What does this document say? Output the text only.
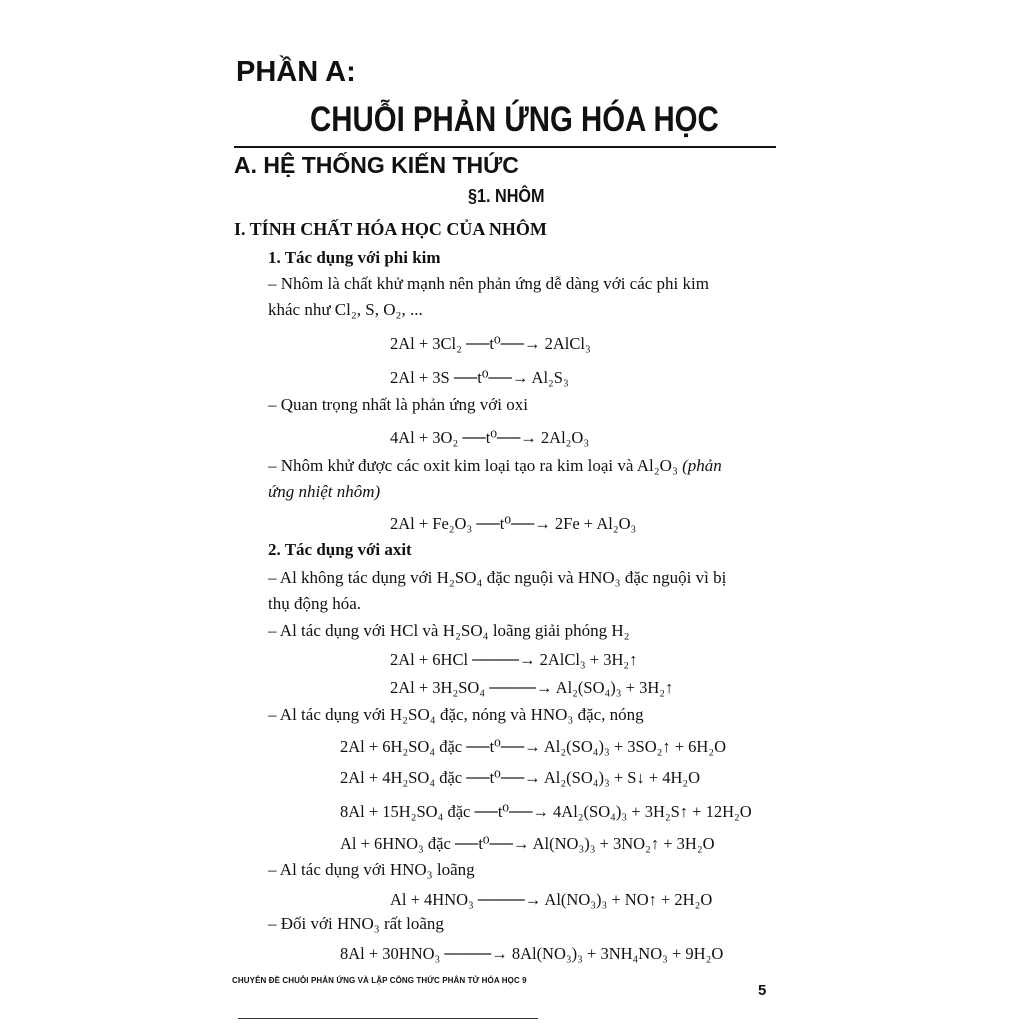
PHẦN A:
CHUỖI PHẢN ỨNG HÓA HỌC
A. HỆ THỐNG KIẾN THỨC
§1. NHÔM
I. TÍNH CHẤT HÓA HỌC CỦA NHÔM
1. Tác dụng với phi kim
– Nhôm là chất khử mạnh nên phản ứng dễ dàng với các phi kim
khác như Cl₂, S, O₂, ...
2Al + 3Cl₂ ──t⁰──→ 2AlCl₃
2Al + 3S ──t⁰──→ Al₂S₃
– Quan trọng nhất là phản ứng với oxi
4Al + 3O₂ ──t⁰──→ 2Al₂O₃
– Nhôm khử được các oxit kim loại tạo ra kim loại và Al₂O₃ (phản
ứng nhiệt nhôm)
2Al + Fe₂O₃ ──t⁰──→ 2Fe + Al₂O₃
2. Tác dụng với axit
– Al không tác dụng với H₂SO₄ đặc nguội và HNO₃ đặc nguội vì bị
thụ động hóa.
– Al tác dụng với HCl và H₂SO₄ loãng giải phóng H₂
2Al + 6HCl ────→ 2AlCl₃ + 3H₂↑
2Al + 3H₂SO₄ ────→ Al₂(SO₄)₃ + 3H₂↑
– Al tác dụng với H₂SO₄ đặc, nóng và HNO₃ đặc, nóng
2Al + 6H₂SO₄ đặc ──t⁰──→ Al₂(SO₄)₃ + 3SO₂↑ + 6H₂O
2Al + 4H₂SO₄ đặc ──t⁰──→ Al₂(SO₄)₃ + S↓ + 4H₂O
8Al + 15H₂SO₄ đặc ──t⁰──→ 4Al₂(SO₄)₃ + 3H₂S↑ + 12H₂O
Al + 6HNO₃ đặc ──t⁰──→ Al(NO₃)₃ + 3NO₂↑ + 3H₂O
– Al tác dụng với HNO₃ loãng
Al + 4HNO₃ ────→ Al(NO₃)₃ + NO↑ + 2H₂O
– Đối với HNO₃ rất loãng
8Al + 30HNO₃ ────→ 8Al(NO₃)₃ + 3NH₄NO₃ + 9H₂O
CHUYÊN ĐỀ CHUỖI PHẢN ỨNG VÀ LẬP CÔNG THỨC PHÂN TỬ HÓA HỌC 9
5
